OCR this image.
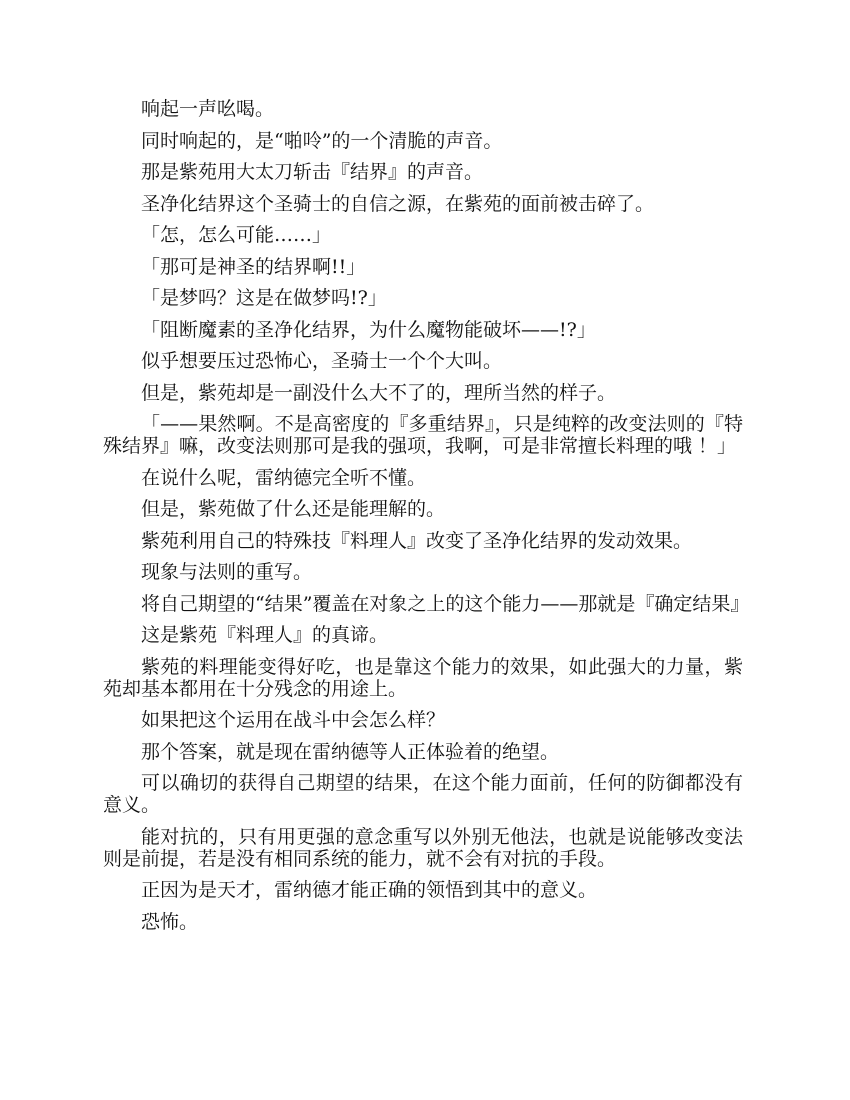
响起一声吆喝。

同时响起的，是“啪呤”的一个清脆的声音。

那是紫苑用大太刀斩击『结界』的声音。

圣净化结界这个圣骑士的自信之源，在紫苑的面前被击碎了。

「怎，怎么可能……」

「那可是神圣的结界啊!!」

「是梦吗？这是在做梦吗!?」

「阻断魔素的圣净化结界，为什么魔物能破坏——!?」

似乎想要压过恐怖心，圣骑士一个个大叫。

但是，紫苑却是一副没什么大不了的，理所当然的样子。

「——果然啊。不是高密度的『多重结界』，只是纯粹的改变法则的『特殊结界』嘛，改变法则那可是我的强项，我啊，可是非常擅长料理的哦 ！」

在说什么呢，雷纳德完全听不懂。

但是，紫苑做了什么还是能理解的。

紫苑利用自己的特殊技『料理人』改变了圣净化结界的发动效果。

现象与法则的重写。

将自己期望的“结果”覆盖在对象之上的这个能力——那就是『确定结果』

这是紫苑『料理人』的真谛。

紫苑的料理能变得好吃，也是靠这个能力的效果，如此强大的力量，紫苑却基本都用在十分残念的用途上。

如果把这个运用在战斗中会怎么样？

那个答案，就是现在雷纳德等人正体验着的绝望。

可以确切的获得自己期望的结果，在这个能力面前，任何的防御都没有意义。

能对抗的，只有用更强的意念重写以外别无他法，也就是说能够改变法则是前提，若是没有相同系统的能力，就不会有对抗的手段。

正因为是天才，雷纳德才能正确的领悟到其中的意义。

恐怖。
